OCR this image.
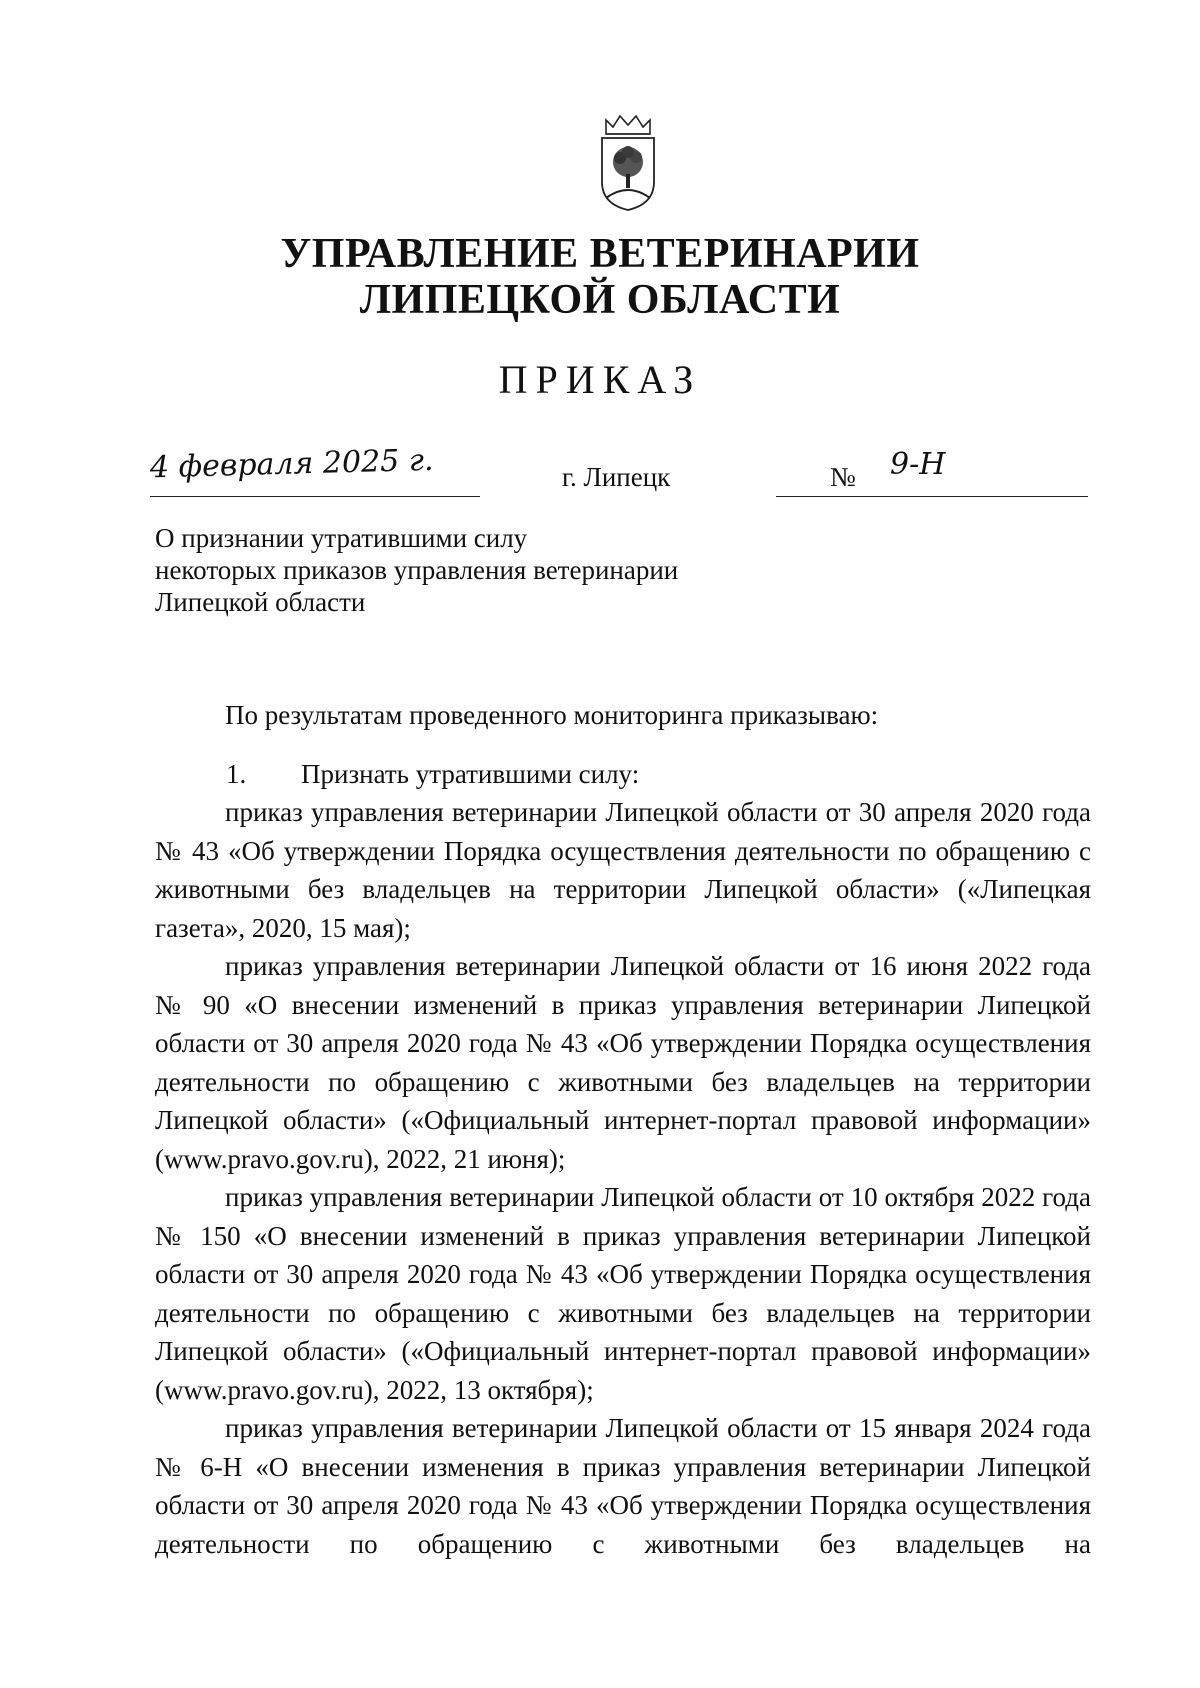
УПРАВЛЕНИЕ ВЕТЕРИНАРИИ
ЛИПЕЦКОЙ ОБЛАСТИ
ПРИКАЗ
4 февраля 2025 г.	г. Липецк	№ 9-Н
О признании утратившими силу
некоторых приказов управления ветеринарии
Липецкой области

По результатам проведенного мониторинга приказываю:

1. Признать утратившими силу:

приказ управления ветеринарии Липецкой области от 30 апреля 2020 года № 43 «Об утверждении Порядка осуществления деятельности по обращению с животными без владельцев на территории Липецкой области» («Липецкая газета», 2020, 15 мая);

приказ управления ветеринарии Липецкой области от 16 июня 2022 года № 90 «О внесении изменений в приказ управления ветеринарии Липецкой области от 30 апреля 2020 года № 43 «Об утверждении Порядка осуществления деятельности по обращению с животными без владельцев на территории Липецкой области» («Официальный интернет-портал правовой информации» (www.pravo.gov.ru), 2022, 21 июня);

приказ управления ветеринарии Липецкой области от 10 октября 2022 года № 150 «О внесении изменений в приказ управления ветеринарии Липецкой области от 30 апреля 2020 года № 43 «Об утверждении Порядка осуществления деятельности по обращению с животными без владельцев на территории Липецкой области» («Официальный интернет-портал правовой информации» (www.pravo.gov.ru), 2022, 13 октября);

приказ управления ветеринарии Липецкой области от 15 января 2024 года № 6-Н «О внесении изменения в приказ управления ветеринарии Липецкой области от 30 апреля 2020 года № 43 «Об утверждении Порядка осуществления деятельности по обращению с животными без владельцев на
